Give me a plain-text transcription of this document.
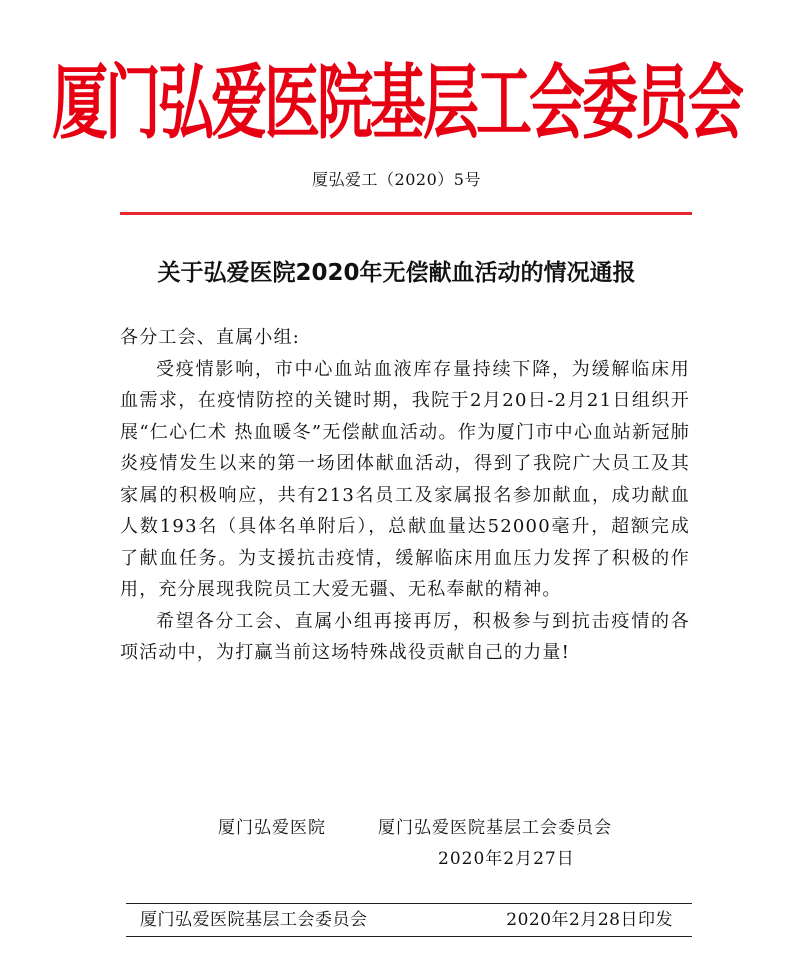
厦门弘爱医院基层工会委员会
厦弘爱工（2020）5号
关于弘爱医院2020年无偿献血活动的情况通报

各分工会、直属小组:

受疫情影响，市中心血站血液库存量持续下降，为缓解临床用血需求，在疫情防控的关键时期，我院于2月20日-2月21日组织开展“仁心仁术 热血暖冬”无偿献血活动。作为厦门市中心血站新冠肺炎疫情发生以来的第一场团体献血活动，得到了我院广大员工及其家属的积极响应，共有213名员工及家属报名参加献血，成功献血人数193名（具体名单附后），总献血量达52000毫升，超额完成了献血任务。为支援抗击疫情，缓解临床用血压力发挥了积极的作用，充分展现我院员工大爱无疆、无私奉献的精神。

希望各分工会、直属小组再接再厉，积极参与到抗击疫情的各项活动中，为打赢当前这场特殊战役贡献自己的力量!

厦门弘爱医院	厦门弘爱医院基层工会委员会
2020年2月27日
厦门弘爱医院基层工会委员会	2020年2月28日印发
